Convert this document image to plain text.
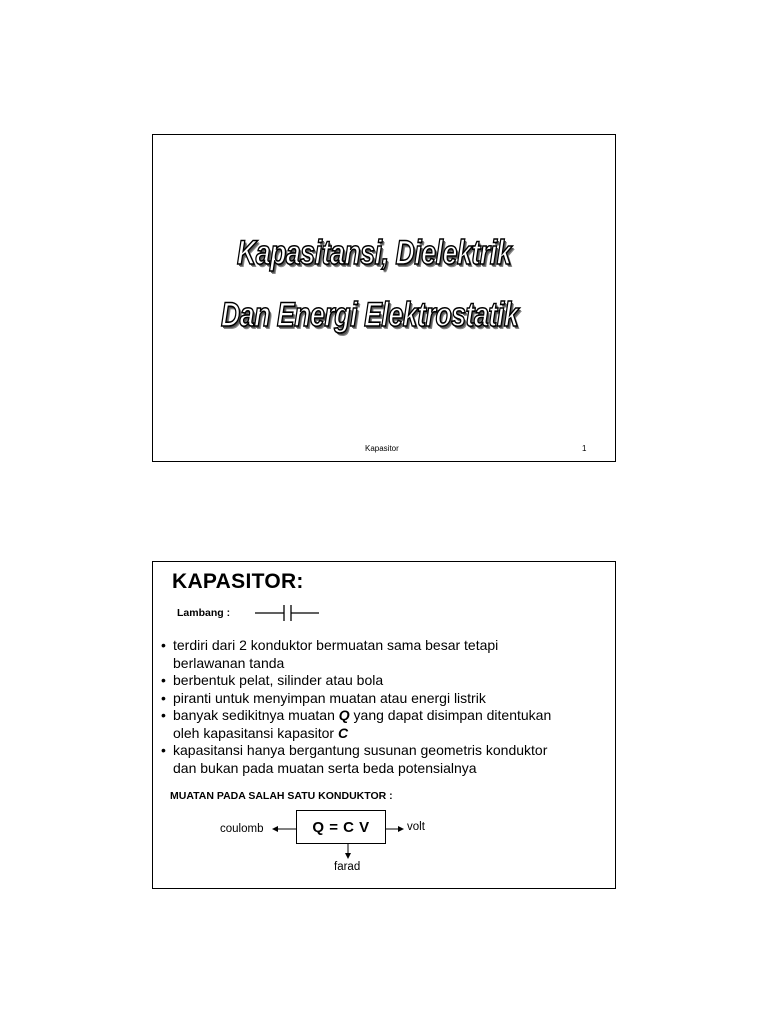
Kapasitansi, Dielektrik
Dan Energi Elektrostatik
Kapasitor	1
KAPASITOR:
Lambang :
• terdiri dari 2 konduktor bermuatan sama besar tetapi
berlawanan tanda
• berbentuk pelat, silinder atau bola
• piranti untuk menyimpan muatan atau energi listrik
• banyak sedikitnya muatan Q yang dapat disimpan ditentukan
oleh kapasitansi kapasitor C
• kapasitansi hanya bergantung susunan geometris konduktor
dan bukan pada muatan serta beda potensialnya
MUATAN PADA SALAH SATU KONDUKTOR :
Q = C V
coulomb	volt
farad
